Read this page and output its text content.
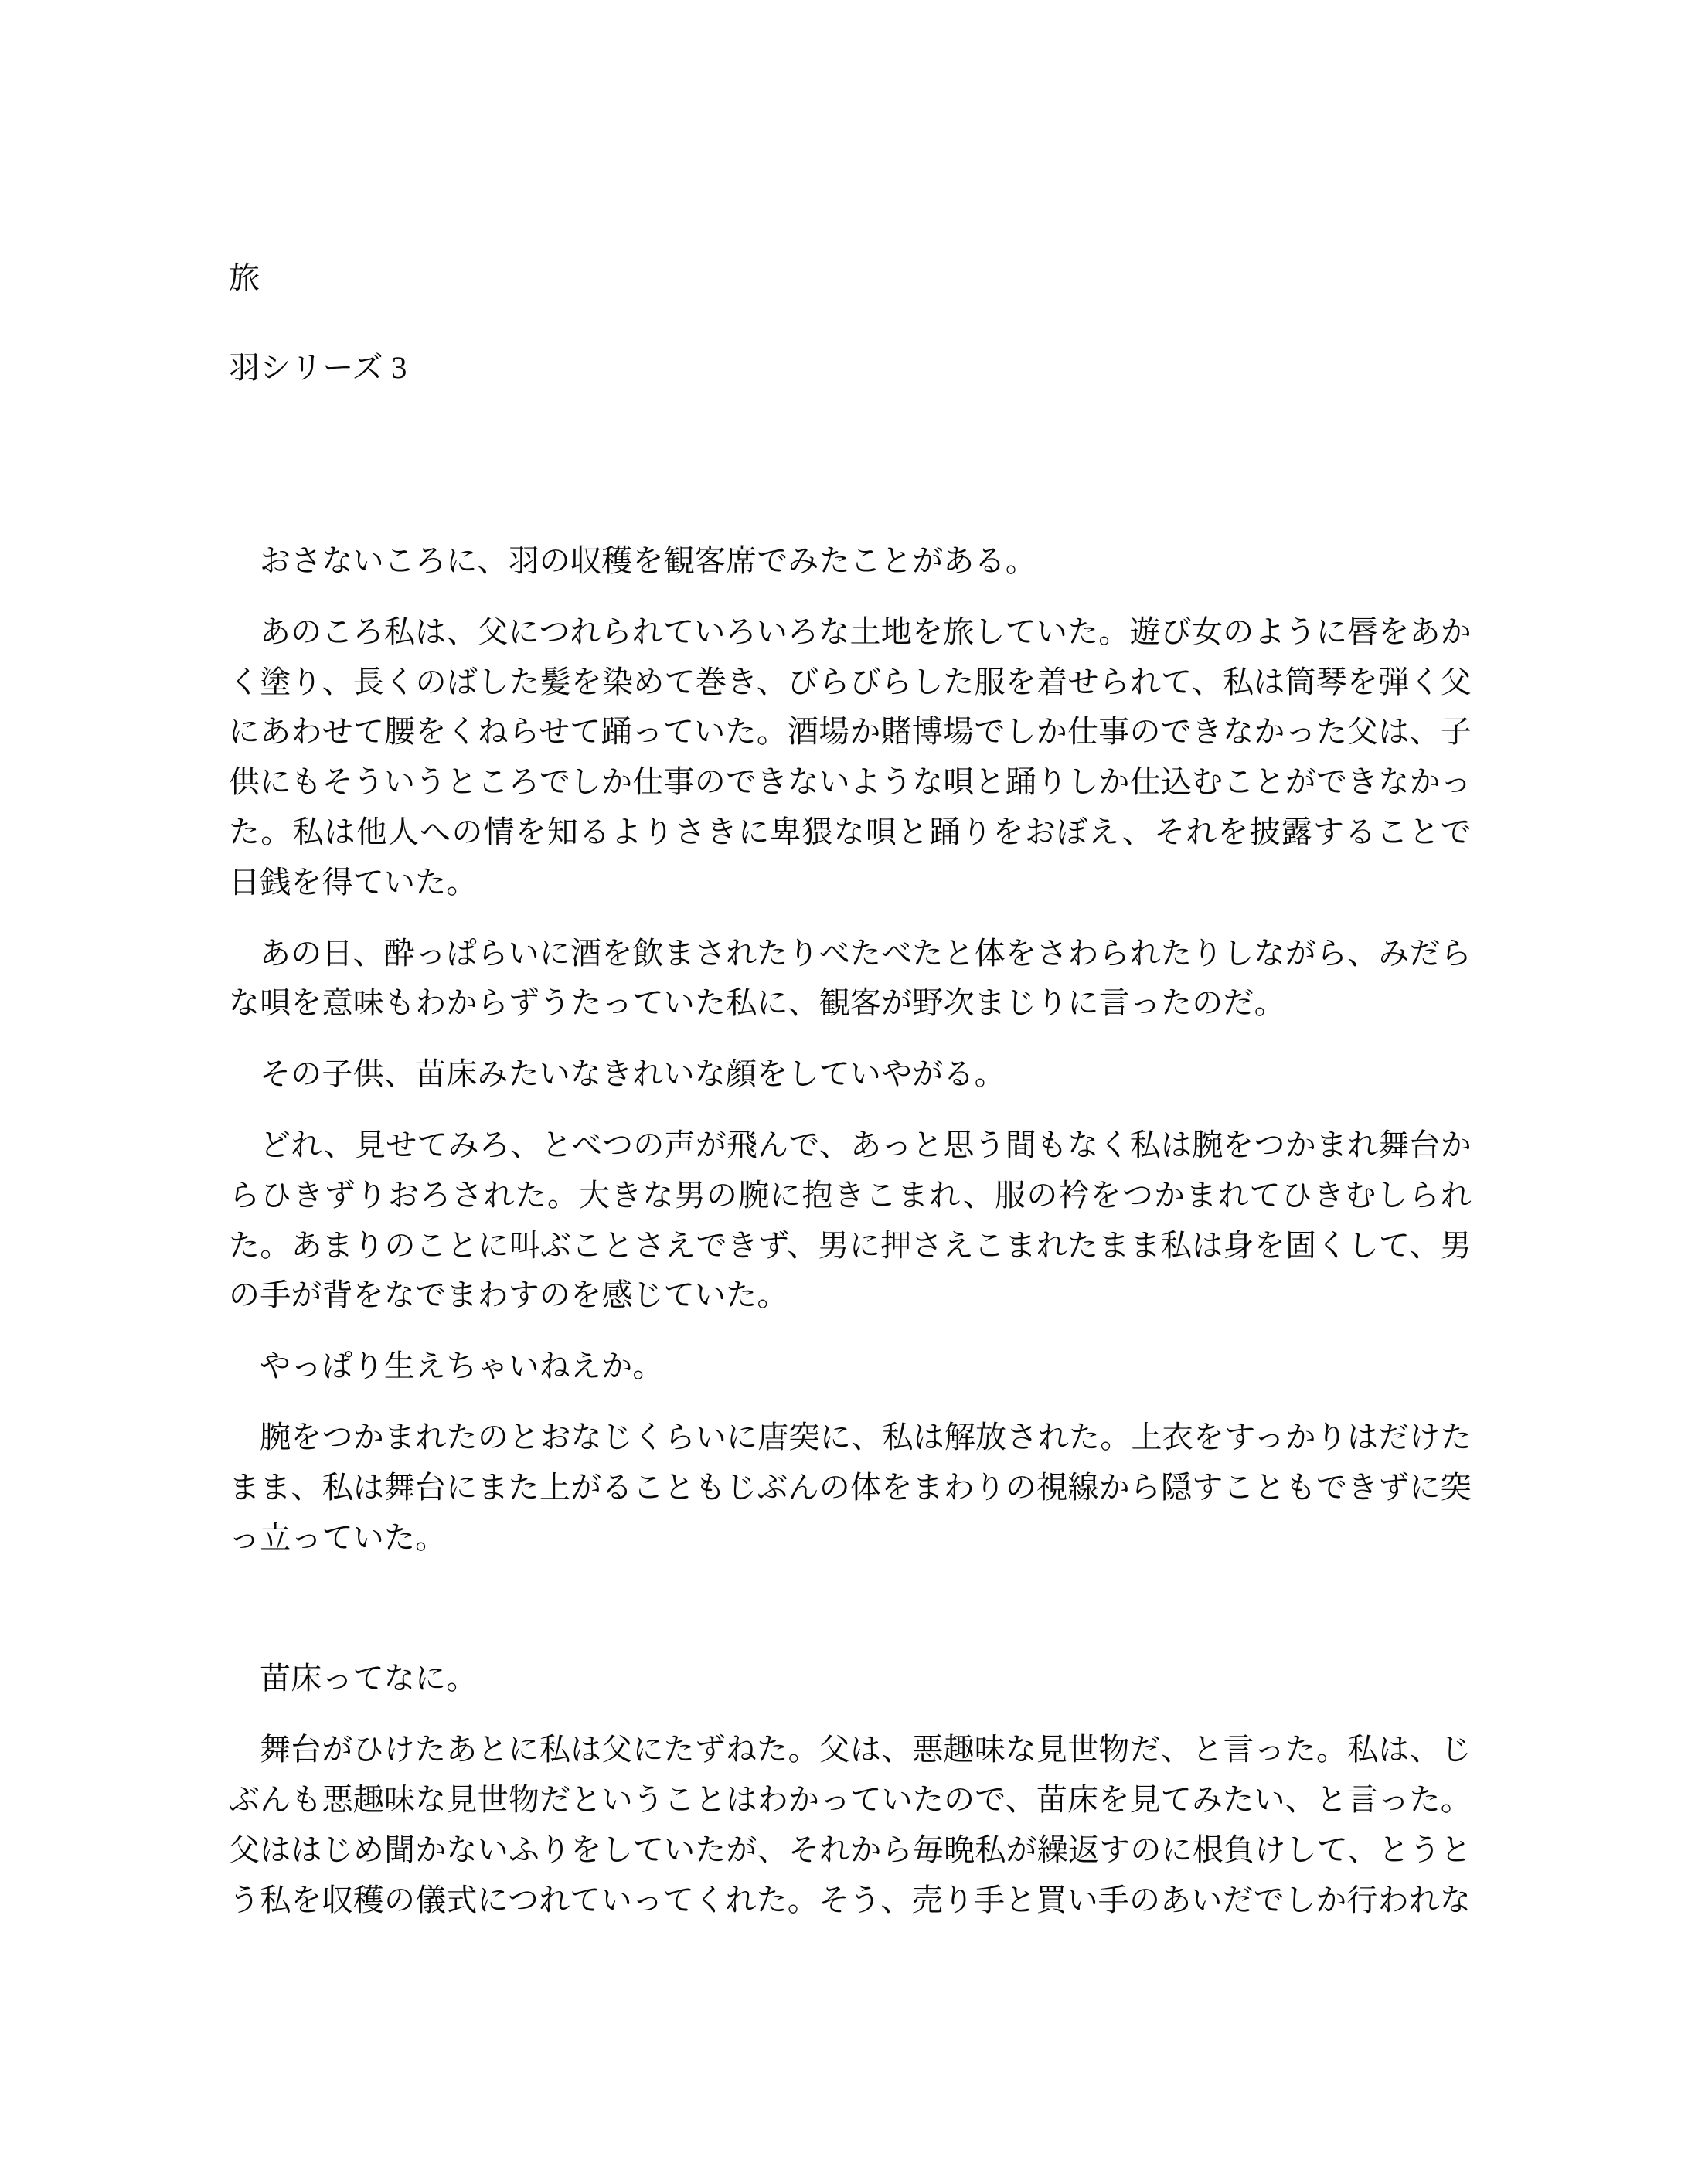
旅
羽シリーズ 3

おさないころに、羽の収穫を観客席でみたことがある。

あのころ私は、父につれられていろいろな土地を旅していた。遊び女のように唇をあかく塗り、長くのばした髪を染めて巻き、びらびらした服を着せられて、私は筒琴を弾く父にあわせて腰をくねらせて踊っていた。酒場か賭博場でしか仕事のできなかった父は、子供にもそういうところでしか仕事のできないような唄と踊りしか仕込むことができなかった。私は他人への情を知るよりさきに卑猥な唄と踊りをおぼえ、それを披露することで日銭を得ていた。

あの日、酔っぱらいに酒を飲まされたりべたべたと体をさわられたりしながら、みだらな唄を意味もわからずうたっていた私に、観客が野次まじりに言ったのだ。

その子供、苗床みたいなきれいな顔をしていやがる。

どれ、見せてみろ、とべつの声が飛んで、あっと思う間もなく私は腕をつかまれ舞台からひきずりおろされた。大きな男の腕に抱きこまれ、服の衿をつかまれてひきむしられた。あまりのことに叫ぶことさえできず、男に押さえこまれたまま私は身を固くして、男の手が背をなでまわすのを感じていた。

やっぱり生えちゃいねえか。

腕をつかまれたのとおなじくらいに唐突に、私は解放された。上衣をすっかりはだけたまま、私は舞台にまた上がることもじぶんの体をまわりの視線から隠すこともできずに突っ立っていた。

苗床ってなに。

舞台がひけたあとに私は父にたずねた。父は、悪趣味な見世物だ、と言った。私は、じぶんも悪趣味な見世物だということはわかっていたので、苗床を見てみたい、と言った。父ははじめ聞かないふりをしていたが、それから毎晩私が繰返すのに根負けして、とうとう私を収穫の儀式につれていってくれた。そう、売り手と買い手のあいだでしか行われな
